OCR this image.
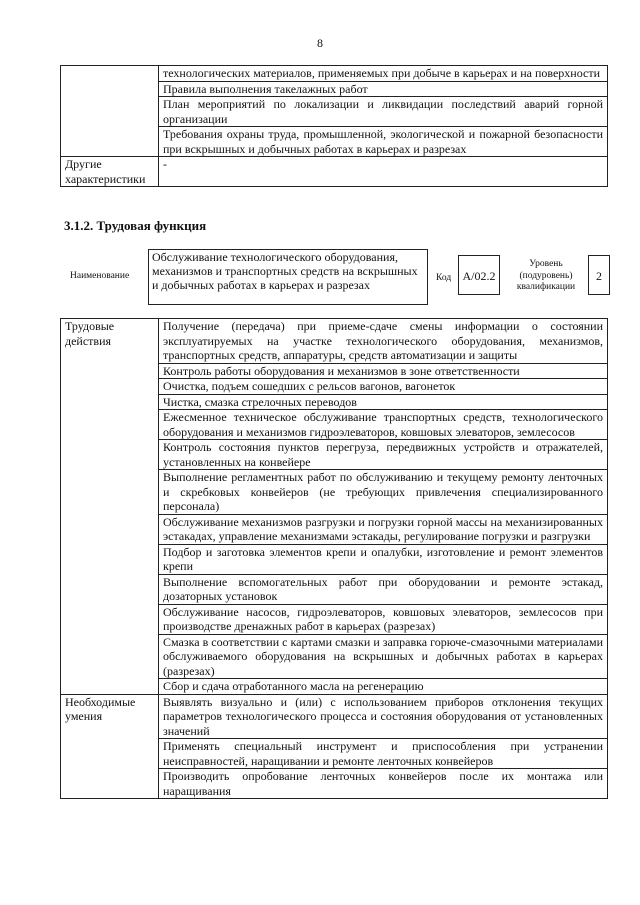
8
	технологических материалов, применяемых при добыче в карьерах и на поверхности
	Правила выполнения такелажных работ
	План мероприятий по локализации и ликвидации последствий аварий горной организации
	Требования охраны труда, промышленной, экологической и пожарной безопасности при вскрышных и добычных работах в карьерах и разрезах
Другие характеристики	-
3.1.2. Трудовая функция
Наименование
Обслуживание технологического оборудования, механизмов и транспортных средств на вскрышных и добычных работах в карьерах и разрезах
Код A/02.2
Уровень (подуровень) квалификации
2
Трудовые действия	Получение (передача) при приеме-сдаче смены информации о состоянии эксплуатируемых на участке технологического оборудования, механизмов, транспортных средств, аппаратуры, средств автоматизации и защиты
	Контроль работы оборудования и механизмов в зоне ответственности
	Очистка, подъем сошедших с рельсов вагонов, вагонеток
	Чистка, смазка стрелочных переводов
	Ежесменное техническое обслуживание транспортных средств, технологического оборудования и механизмов гидроэлеваторов, ковшовых элеваторов, землесосов
	Контроль состояния пунктов перегруза, передвижных устройств и отражателей, установленных на конвейере
	Выполнение регламентных работ по обслуживанию и текущему ремонту ленточных и скребковых конвейеров (не требующих привлечения специализированного персонала)
	Обслуживание механизмов разгрузки и погрузки горной массы на механизированных эстакадах, управление механизмами эстакады, регулирование погрузки и разгрузки
	Подбор и заготовка элементов крепи и опалубки, изготовление и ремонт элементов крепи
	Выполнение вспомогательных работ при оборудовании и ремонте эстакад, дозаторных установок
	Обслуживание насосов, гидроэлеваторов, ковшовых элеваторов, землесосов при производстве дренажных работ в карьерах (разрезах)
	Смазка в соответствии с картами смазки и заправка горюче-смазочными материалами обслуживаемого оборудования на вскрышных и добычных работах в карьерах (разрезах)
	Сбор и сдача отработанного масла на регенерацию
Необходимые умения	Выявлять визуально и (или) с использованием приборов отклонения текущих параметров технологического процесса и состояния оборудования от установленных значений
	Применять специальный инструмент и приспособления при устранении неисправностей, наращивании и ремонте ленточных конвейеров
	Производить опробование ленточных конвейеров после их монтажа или наращивания
